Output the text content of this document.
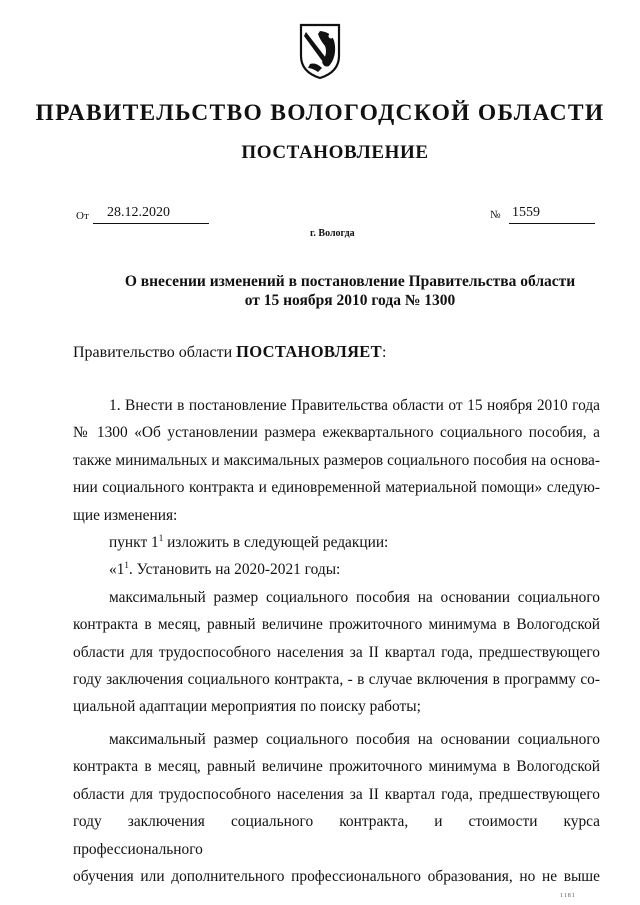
ПРАВИТЕЛЬСТВО ВОЛОГОДСКОЙ ОБЛАСТИ
ПОСТАНОВЛЕНИЕ
От 28.12.2020	№ 1559
г. Вологда
О внесении изменений в постановление Правительства области
от 15 ноября 2010 года № 1300
Правительство области ПОСТАНОВЛЯЕТ:

1. Внести в постановление Правительства области от 15 ноября 2010 года

№ 1300 «Об установлении размера ежеквартального социального пособия, а

также минимальных и максимальных размеров социального пособия на основа-

нии социального контракта и единовременной материальной помощи» следую-

щие изменения:

пункт $1^1$ изложить в следующей редакции:

«$1^1$. Установить на 2020-2021 годы:

максимальный размер социального пособия на основании социального

контракта в месяц, равный величине прожиточного минимума в Вологодской

области для трудоспособного населения за II квартал года, предшествующего

году заключения социального контракта, - в случае включения в программу со-

циальной адаптации мероприятия по поиску работы;

максимальный размер социального пособия на основании социального

контракта в месяц, равный величине прожиточного минимума в Вологодской

области для трудоспособного населения за II квартал года, предшествующего

году заключения социального контракта, и стоимости курса профессионального

обучения или дополнительного профессионального образования, но не выше

1181
